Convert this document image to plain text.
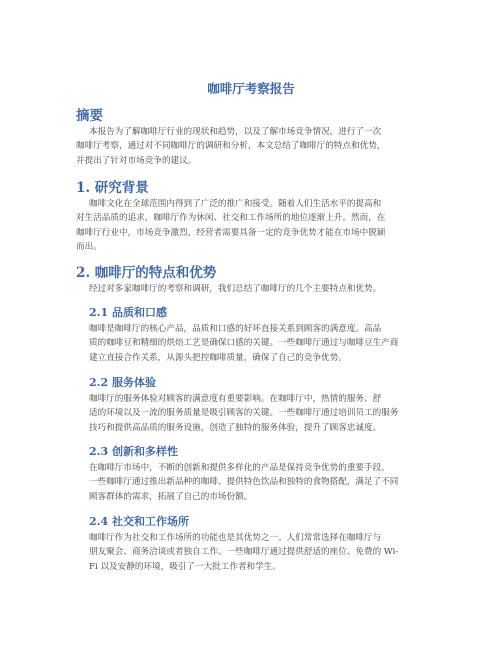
咖啡厅考察报告
摘要
本报告为了解咖啡厅行业的现状和趋势，以及了解市场竞争情况，进行了一次
咖啡厅考察，通过对不同咖啡厅的调研和分析，本文总结了咖啡厅的特点和优势，
并提出了针对市场竞争的建议。
1. 研究背景
咖啡文化在全球范围内得到了广泛的推广和接受。随着人们生活水平的提高和
对生活品质的追求，咖啡厅作为休闲、社交和工作场所的地位逐渐上升。然而，在
咖啡厅行业中，市场竞争激烈，经营者需要具备一定的竞争优势才能在市场中脱颖
而出。
2. 咖啡厅的特点和优势
经过对多家咖啡厅的考察和调研，我们总结了咖啡厅的几个主要特点和优势。
2.1 品质和口感
咖啡是咖啡厅的核心产品，品质和口感的好坏直接关系到顾客的满意度。高品
质的咖啡豆和精细的烘焙工艺是确保口感的关键。一些咖啡厅通过与咖啡豆生产商
建立直接合作关系，从源头把控咖啡质量，确保了自己的竞争优势。
2.2 服务体验
咖啡厅的服务体验对顾客的满意度有重要影响。在咖啡厅中，热情的服务、舒
适的环境以及一流的服务质量是吸引顾客的关键。一些咖啡厅通过培训员工的服务
技巧和提供高品质的服务设施，创造了独特的服务体验，提升了顾客忠诚度。
2.3 创新和多样性
在咖啡厅市场中，不断的创新和提供多样化的产品是保持竞争优势的重要手段。
一些咖啡厅通过推出新品种的咖啡、提供特色饮品和独特的食物搭配，满足了不同
顾客群体的需求，拓展了自己的市场份额。
2.4 社交和工作场所
咖啡厅作为社交和工作场所的功能也是其优势之一。人们常常选择在咖啡厅与
朋友聚会、商务洽谈或者独自工作。一些咖啡厅通过提供舒适的座位、免费的 Wi-
Fi 以及安静的环境，吸引了一大批工作者和学生。
